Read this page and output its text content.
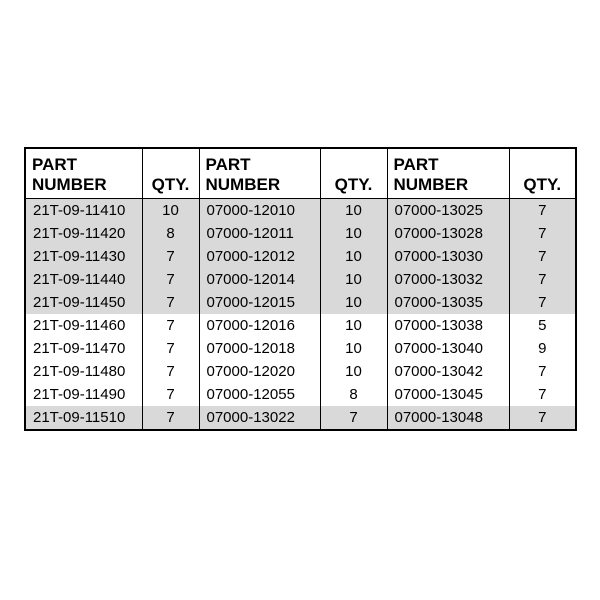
PART
NUMBER	QTY.	PART
NUMBER	QTY.	PART
NUMBER	QTY.

21T-09-11410	10	07000-12010	10	07000-13025	7
21T-09-11420	8	07000-12011	10	07000-13028	7
21T-09-11430	7	07000-12012	10	07000-13030	7
21T-09-11440	7	07000-12014	10	07000-13032	7
21T-09-11450	7	07000-12015	10	07000-13035	7
21T-09-11460	7	07000-12016	10	07000-13038	5
21T-09-11470	7	07000-12018	10	07000-13040	9
21T-09-11480	7	07000-12020	10	07000-13042	7
21T-09-11490	7	07000-12055	8	07000-13045	7
21T-09-11510	7	07000-13022	7	07000-13048	7
